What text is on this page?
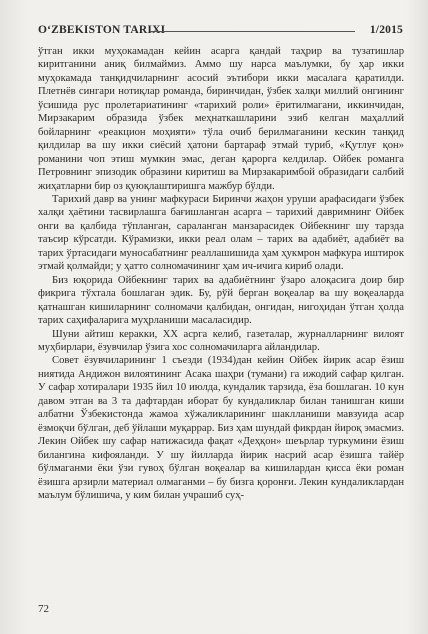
O‘ZBEKISTON TARIXI	1/2015

ўтган икки муҳокамадан кейин асарга қандай таҳрир ва тузатишлар киритганини аниқ билмаймиз. Аммо шу нарса маълумки, бу ҳар икки муҳокамада танқидчиларнинг асосий эътибори икки масалага қаратилди. Плетнёв сингари нотиқлар романда, биринчидан, ўзбек халқи миллий онгининг ўсишида рус пролетариатининг «тарихий роли» ёритилмагани, иккинчидан, Мирзакарим образида ўзбек меҳнаткашларини эзиб келган маҳаллий бойларнинг «реакцион моҳияти» тўла очиб берилмаганини кескин танқид қилдилар ва шу икки сиёсий ҳатони бартараф этмай туриб, «Қутлуғ қон» романини чоп этиш мумкин эмас, деган қарорга келдилар. Ойбек романга Петровнинг эпизодик образини киритиш ва Мирзакаримбой образидаги салбий жиҳатларни бир оз қуюқлаштиришга мажбур бўлди.

Тарихий давр ва унинг мафкураси Биринчи жаҳон уруши арафасидаги ўзбек халқи ҳаётини тасвирлашга бағишланган асарга – тарихий давримнинг Ойбек онги ва қалбида тўпланган, сараланган манзарасидек Ойбекнинг шу тарзда таъсир кўрсатди. Кўрамизки, икки реал олам – тарих ва адабиёт, адабиёт ва тарих ўртасидаги муносабатнинг реаллашишида ҳам ҳукмрон мафкура иштирок этмай қолмайди; у ҳатто солномачининг ҳам ич-ичига кириб олади.

Биз юқорида Ойбекнинг тарих ва адабиётнинг ўзаро алоқасига доир бир фикрига тўхтала бошлаган эдик. Бу, рўй берган воқеалар ва шу воқеаларда қатнашган кишиларнинг солномачи қалбидан, онгидан, нигоҳидан ўтган ҳолда тарих саҳифаларига муҳрланиши масаласидир.

Шуни айтиш керакки, XX асрга келиб, газеталар, журналларнинг вилоят муҳбирлари, ёзувчилар ўзига хос солномачиларга айландилар.

Совет ёзувчиларининг 1 съезди (1934)дан кейин Ойбек йирик асар ёзиш ниятида Андижон вилоятининг Асака шаҳри (тумани) га ижодий сафар қилган. У сафар хотиралари 1935 йил 10 июлда, кундалик тарзида, ёза бошлаган. 10 кун давом этган ва 3 та дафтардан иборат бу кундаликлар билан танишган киши албатни Ўзбекистонда жамоа хўжаликларининг шаклланиши мавзуида асар ёзмоқчи бўлган, деб ўйлаши муқаррар. Биз ҳам шундай фикрдан йироқ эмасмиз. Лекин Ойбек шу сафар натижасида фақат «Деҳқон» шеърлар туркумини ёзиш билангина кифояланди. У шу йилларда йирик насрий асар ёзишга тайёр бўлмаганми ёки ўзи гувоҳ бўлган воқеалар ва кишилардан қисса ёки роман ёзишга арзирли материал олмаганми – бу бизга қоронғи. Лекин кундаликлардан маълум бўлишича, у ким билан учрашиб суҳ-

72
